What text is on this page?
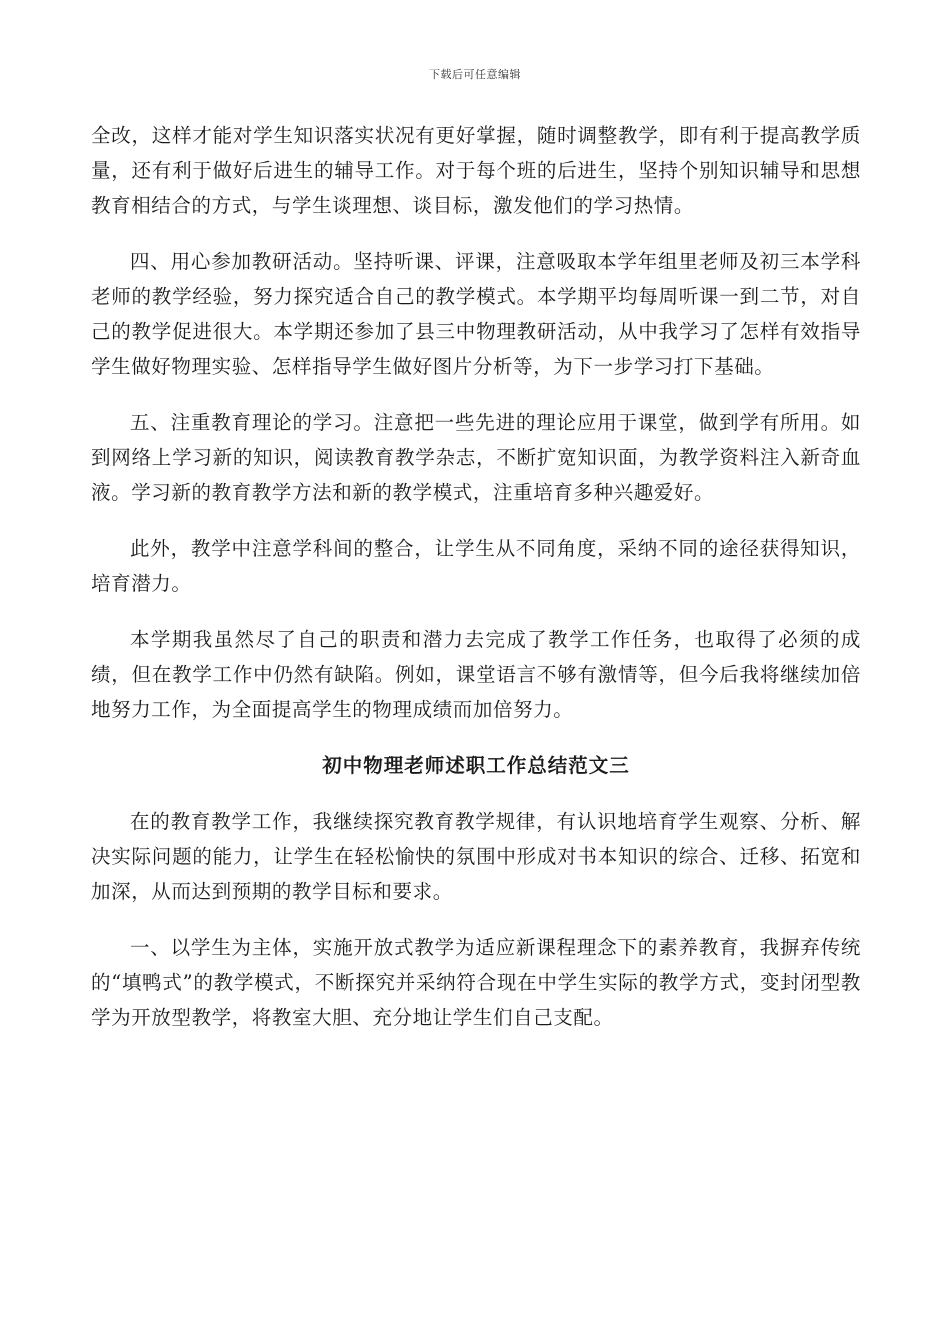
下载后可任意编辑

全改，这样才能对学生知识落实状况有更好掌握，随时调整教学，即有利于提高教学质量，还有利于做好后进生的辅导工作。对于每个班的后进生，坚持个别知识辅导和思想教育相结合的方式，与学生谈理想、谈目标，激发他们的学习热情。

四、用心参加教研活动。坚持听课、评课，注意吸取本学年组里老师及初三本学科老师的教学经验，努力探究适合自己的教学模式。本学期平均每周听课一到二节，对自己的教学促进很大。本学期还参加了县三中物理教研活动，从中我学习了怎样有效指导学生做好物理实验、怎样指导学生做好图片分析等，为下一步学习打下基础。

五、注重教育理论的学习。注意把一些先进的理论应用于课堂，做到学有所用。如到网络上学习新的知识，阅读教育教学杂志，不断扩宽知识面，为教学资料注入新奇血液。学习新的教育教学方法和新的教学模式，注重培育多种兴趣爱好。

此外，教学中注意学科间的整合，让学生从不同角度，采纳不同的途径获得知识，培育潜力。

本学期我虽然尽了自己的职责和潜力去完成了教学工作任务，也取得了必须的成绩，但在教学工作中仍然有缺陷。例如，课堂语言不够有激情等，但今后我将继续加倍地努力工作，为全面提高学生的物理成绩而加倍努力。

初中物理老师述职工作总结范文三

在的教育教学工作，我继续探究教育教学规律，有认识地培育学生观察、分析、解决实际问题的能力，让学生在轻松愉快的氛围中形成对书本知识的综合、迁移、拓宽和加深，从而达到预期的教学目标和要求。

一、以学生为主体，实施开放式教学为适应新课程理念下的素养教育，我摒弃传统的“填鸭式”的教学模式，不断探究并采纳符合现在中学生实际的教学方式，变封闭型教学为开放型教学，将教室大胆、充分地让学生们自己支配。
